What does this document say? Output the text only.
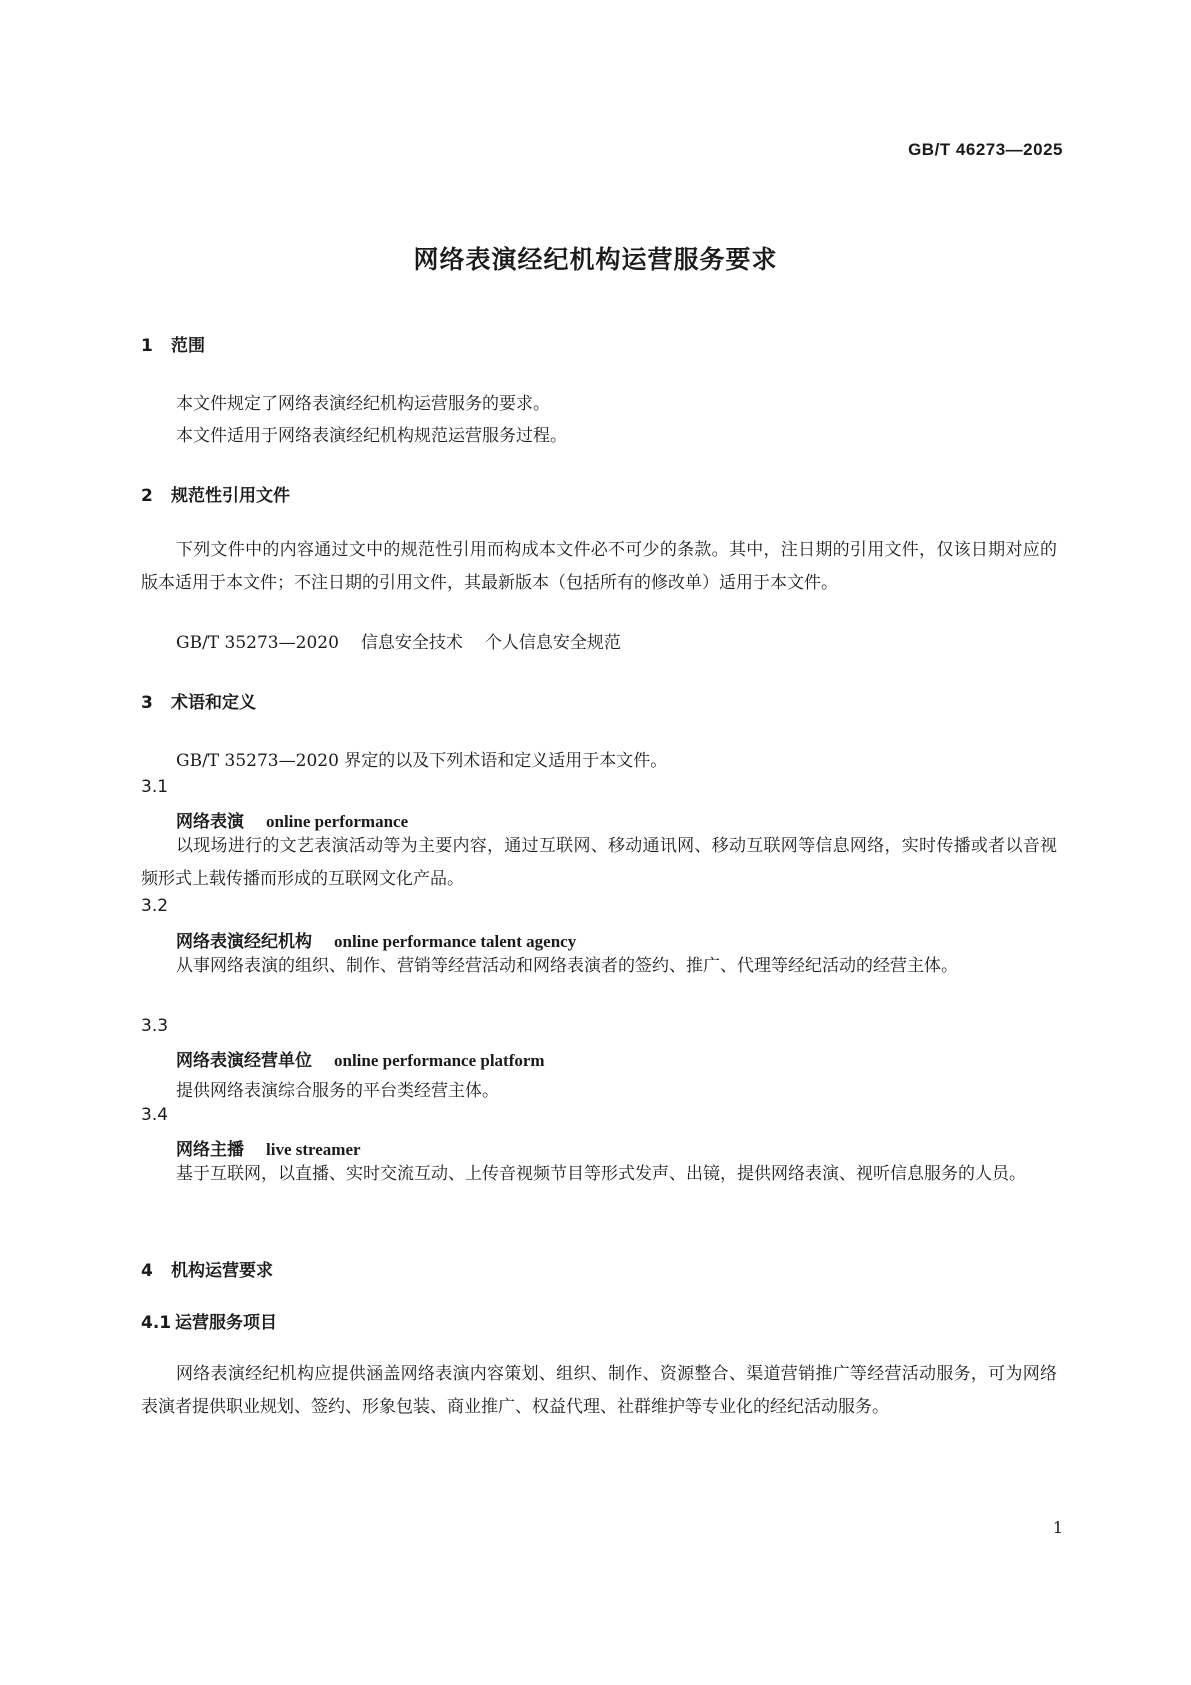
GB/T 46273—2025
网络表演经纪机构运营服务要求
1 范围
本文件规定了网络表演经纪机构运营服务的要求。
本文件适用于网络表演经纪机构规范运营服务过程。
2 规范性引用文件
下列文件中的内容通过文中的规范性引用而构成本文件必不可少的条款。其中，注日期的引用文件，仅该日期对应的版本适用于本文件；不注日期的引用文件，其最新版本（包括所有的修改单）适用于本文件。
GB/T 35273—2020 信息安全技术 个人信息安全规范
3 术语和定义
GB/T 35273—2020 界定的以及下列术语和定义适用于本文件。
3.1
网络表演 online performance
以现场进行的文艺表演活动等为主要内容，通过互联网、移动通讯网、移动互联网等信息网络，实时传播或者以音视频形式上载传播而形成的互联网文化产品。
3.2
网络表演经纪机构 online performance talent agency
从事网络表演的组织、制作、营销等经营活动和网络表演者的签约、推广、代理等经纪活动的经营主体。
3.3
网络表演经营单位 online performance platform
提供网络表演综合服务的平台类经营主体。
3.4
网络主播 live streamer
基于互联网，以直播、实时交流互动、上传音视频节目等形式发声、出镜，提供网络表演、视听信息服务的人员。
4 机构运营要求
4.1 运营服务项目
网络表演经纪机构应提供涵盖网络表演内容策划、组织、制作、资源整合、渠道营销推广等经营活动服务，可为网络表演者提供职业规划、签约、形象包装、商业推广、权益代理、社群维护等专业化的经纪活动服务。
1
